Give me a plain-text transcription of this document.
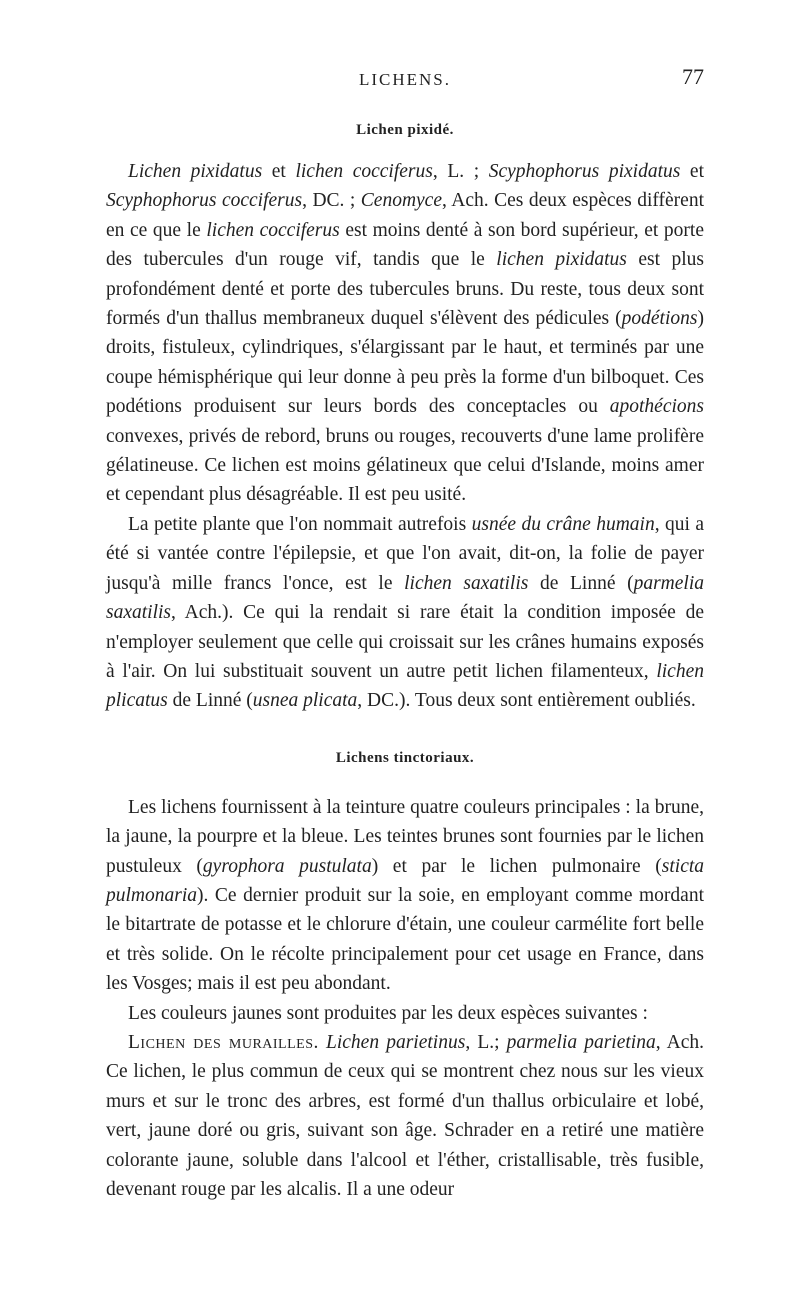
LICHENS.	77
Lichen pixidé.

Lichen pixidatus et lichen cocciferus, L. ; Scyphophorus pixidatus et Scyphophorus cocciferus, DC. ; Cenomyce, Ach. Ces deux espèces diffèrent en ce que le lichen cocciferus est moins denté à son bord supérieur, et porte des tubercules d'un rouge vif, tandis que le lichen pixidatus est plus profondément denté et porte des tubercules bruns. Du reste, tous deux sont formés d'un thallus membraneux duquel s'élèvent des pédicules (podétions) droits, fistuleux, cylindriques, s'élargissant par le haut, et terminés par une coupe hémisphérique qui leur donne à peu près la forme d'un bilboquet. Ces podétions produisent sur leurs bords des conceptacles ou apothécions convexes, privés de rebord, bruns ou rouges, recouverts d'une lame prolifère gélatineuse. Ce lichen est moins gélatineux que celui d'Islande, moins amer et cependant plus désagréable. Il est peu usité.

La petite plante que l'on nommait autrefois usnée du crâne humain, qui a été si vantée contre l'épilepsie, et que l'on avait, dit-on, la folie de payer jusqu'à mille francs l'once, est le lichen saxatilis de Linné (parmelia saxatilis, Ach.). Ce qui la rendait si rare était la condition imposée de n'employer seulement que celle qui croissait sur les crânes humains exposés à l'air. On lui substituait souvent un autre petit lichen filamenteux, lichen plicatus de Linné (usnea plicata, DC.). Tous deux sont entièrement oubliés.

Lichens tinctoriaux.

Les lichens fournissent à la teinture quatre couleurs principales : la brune, la jaune, la pourpre et la bleue. Les teintes brunes sont fournies par le lichen pustuleux (gyrophora pustulata) et par le lichen pulmonaire (sticta pulmonaria). Ce dernier produit sur la soie, en employant comme mordant le bitartrate de potasse et le chlorure d'étain, une couleur carmélite fort belle et très solide. On le récolte principalement pour cet usage en France, dans les Vosges; mais il est peu abondant.

Les couleurs jaunes sont produites par les deux espèces suivantes :

Lichen des murailles. Lichen parietinus, L.; parmelia parietina, Ach. Ce lichen, le plus commun de ceux qui se montrent chez nous sur les vieux murs et sur le tronc des arbres, est formé d'un thallus orbiculaire et lobé, vert, jaune doré ou gris, suivant son âge. Schrader en a retiré une matière colorante jaune, soluble dans l'alcool et l'éther, cristallisable, très fusible, devenant rouge par les alcalis. Il a une odeur
